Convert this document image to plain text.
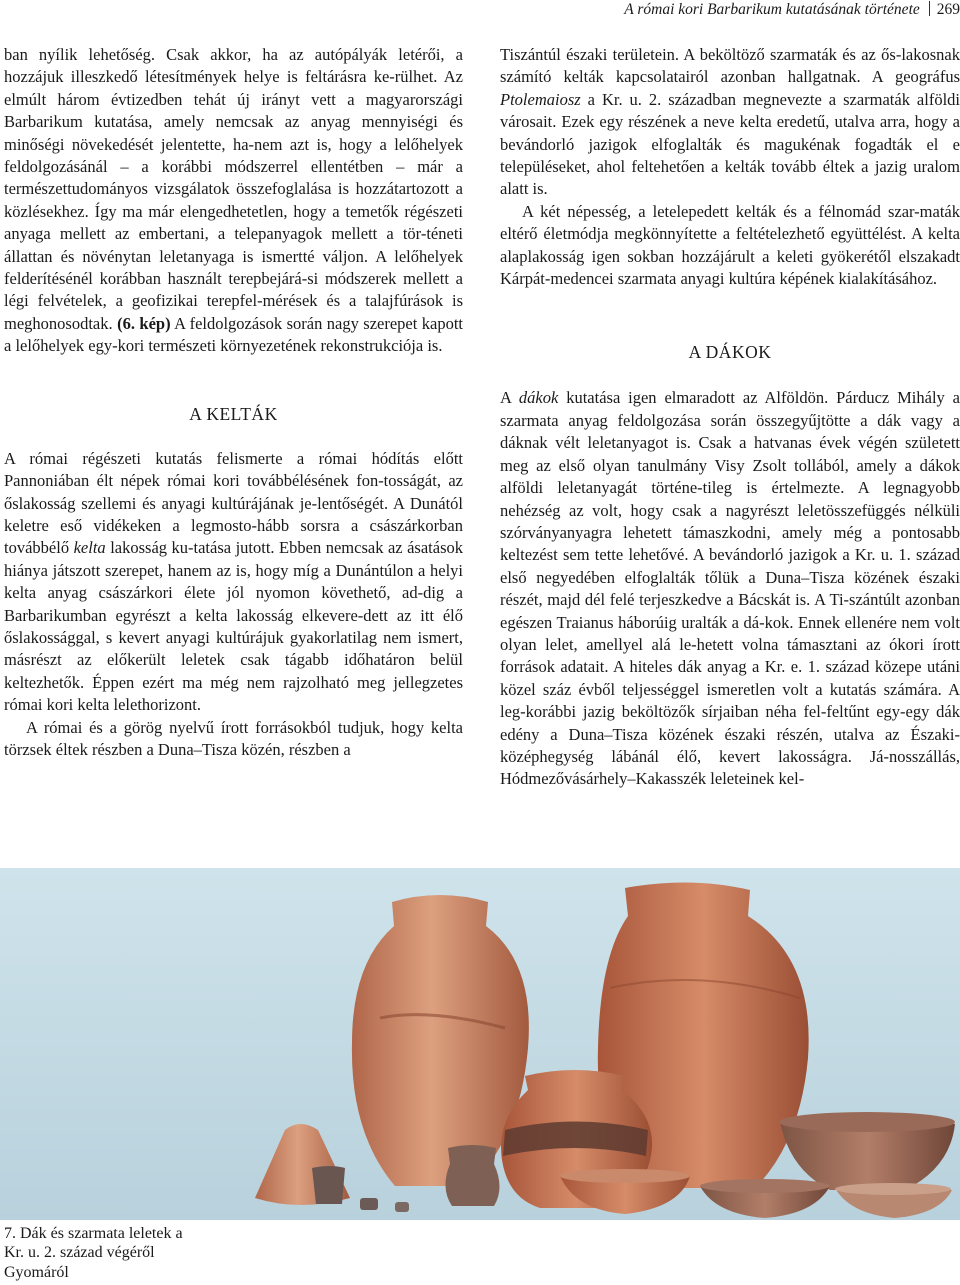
A római kori Barbarikum kutatásának története 269

ban nyílik lehetőség. Csak akkor, ha az autópályák letérői, a hozzájuk illeszkedő létesítmények helye is feltárásra ke-​rülhet. Az elmúlt három évtizedben tehát új irányt vett a magyarországi Barbarikum kutatása, amely nemcsak az anyag mennyiségi és minőségi növekedését jelentette, ha-​nem azt is, hogy a lelőhelyek feldolgozásánál – a korábbi módszerrel ellentétben – már a természettudományos vizsgálatok összefoglalása is hozzátartozott a közlésekhez. Így ma már elengedhetetlen, hogy a temetők régészeti anyaga mellett az embertani, a telepanyagok mellett a tör-​téneti állattan és növénytan leletanyaga is ismertté váljon. A lelőhelyek felderítésénél korábban használt terepbejárá-​si módszerek mellett a légi felvételek, a geofizikai terepfel-​mérések és a talajfúrások is meghonosodtak. (6. kép) A feldolgozások során nagy szerepet kapott a lelőhelyek egy-​kori természeti környezetének rekonstrukciója is.

A KELTÁK

A római régészeti kutatás felismerte a római hódítás előtt Pannoniában élt népek római kori továbbélésének fon-​tosságát, az őslakosság szellemi és anyagi kultúrájának je-​lentőségét. A Dunától keletre eső vidékeken a legmosto-​hább sorsra a császárkorban továbbélő kelta lakosság ku-​tatása jutott. Ebben nemcsak az ásatások hiánya játszott szerepet, hanem az is, hogy míg a Dunántúlon a helyi kelta anyag császárkori élete jól nyomon követhető, ad-​dig a Barbarikumban egyrészt a kelta lakosság elkevere-​dett az itt élő őslakossággal, s kevert anyagi kultúrájuk gyakorlatilag nem ismert, másrészt az előkerült leletek csak tágabb időhatáron belül keltezhetők. Éppen ezért ma még nem rajzolható meg jellegzetes római kori kelta lelethorizont.

A római és a görög nyelvű írott forrásokból tudjuk, hogy kelta törzsek éltek részben a Duna–Tisza közén, részben a

Tiszántúl északi területein. A beköltöző szarmaták és az ős-​lakosnak számító kelták kapcsolatairól azonban hallgatnak. A geográfus Ptolemaiosz a Kr. u. 2. században megnevezte a szarmaták alföldi városait. Ezek egy részének a neve kelta eredetű, utalva arra, hogy a bevándorló jazigok elfoglalták és magukénak fogadták el e településeket, ahol feltehetően a kelták tovább éltek a jazig uralom alatt is.

A két népesség, a letelepedett kelták és a félnomád szar-​maták eltérő életmódja megkönnyítette a feltételezhető együttélést. A kelta alaplakosság igen sokban hozzájárult a keleti gyökerétől elszakadt Kárpát-medencei szarmata anyagi kultúra képének kialakításához.

A DÁKOK

A dákok kutatása igen elmaradott az Alföldön. Párducz Mihály a szarmata anyag feldolgozása során összegyűjtötte a dák vagy a dáknak vélt leletanyagot is. Csak a hatvanas évek végén született meg az első olyan tanulmány Visy Zsolt tollából, amely a dákok alföldi leletanyagát történe-​tileg is értelmezte. A legnagyobb nehézség az volt, hogy csak a nagyrészt leletösszefüggés nélküli szórványanyagra lehetett támaszkodni, amely még a pontosabb keltezést sem tette lehetővé. A bevándorló jazigok a Kr. u. 1. század első negyedében elfoglalták tőlük a Duna–Tisza közének északi részét, majd dél felé terjeszkedve a Bácskát is. A Ti-​szántúlt azonban egészen Traianus háborúig uralták a dá-​kok. Ennek ellenére nem volt olyan lelet, amellyel alá le-​hetett volna támasztani az ókori írott források adatait. A hiteles dák anyag a Kr. e. 1. század közepe utáni közel száz évből teljességgel ismeretlen volt a kutatás számára. A leg-​korábbi jazig beköltözők sírjaiban néha fel-feltűnt egy-egy dák edény a Duna–Tisza közének északi részén, utalva az Északi-középhegység lábánál élő, kevert lakosságra. Já-​nosszállás, Hódmezővásárhely–Kakasszék leleteinek kel-

7. Dák és szarmata leletek a
Kr. u. 2. század végéről
Gyomáról
